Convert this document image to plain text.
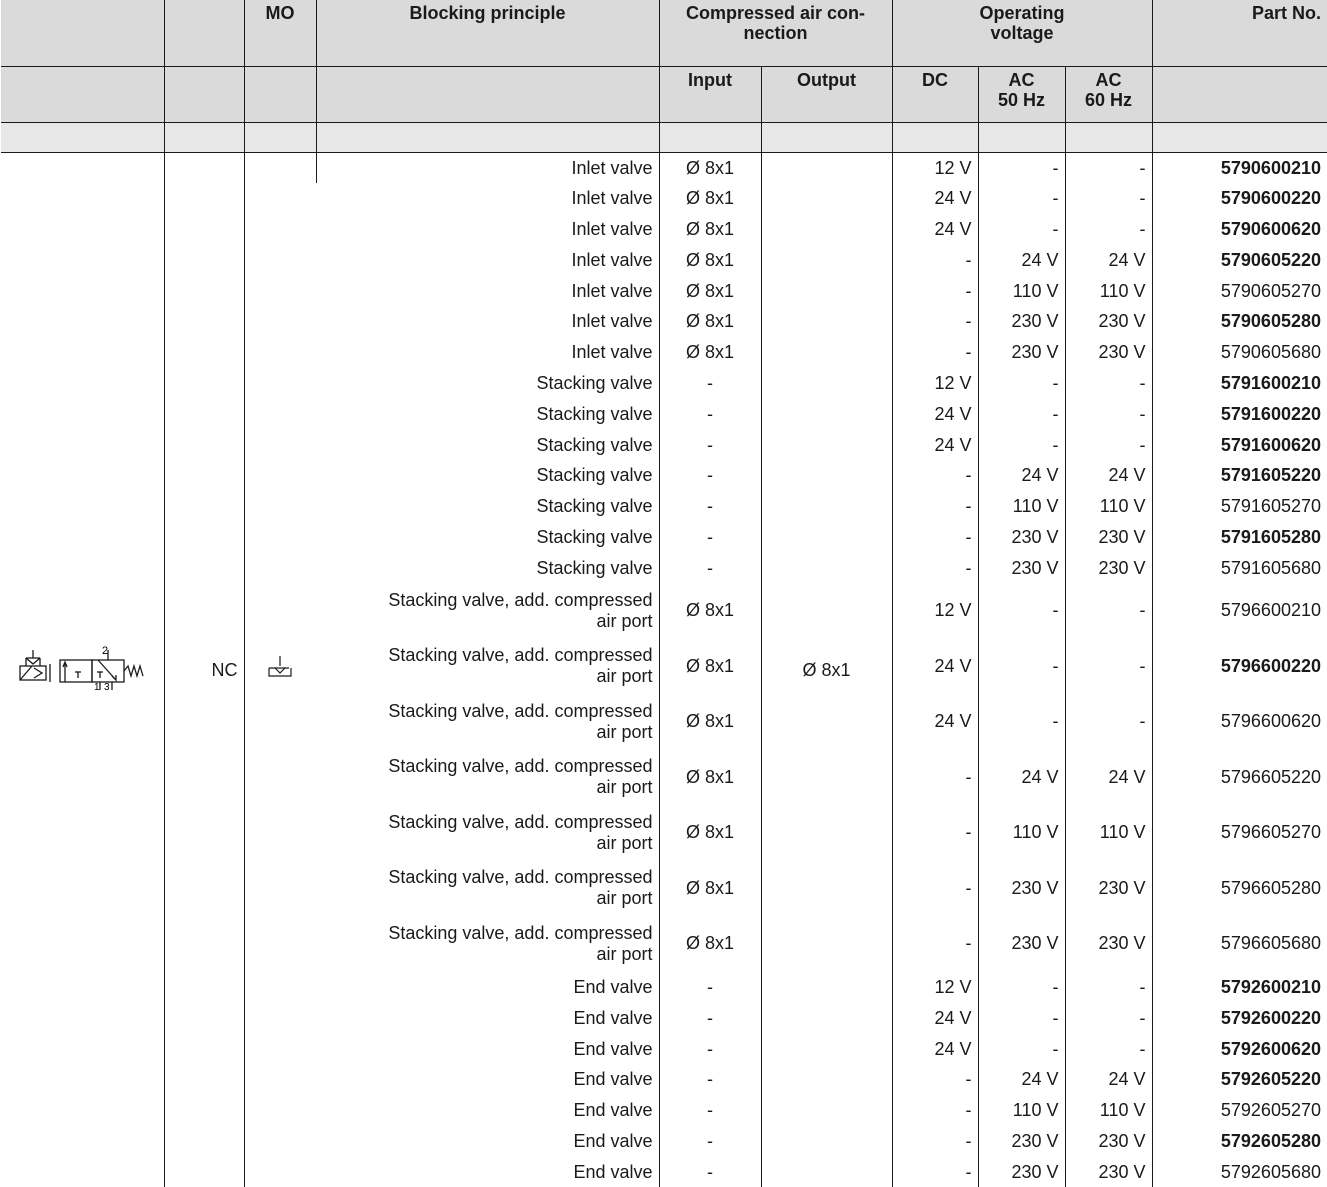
		MO	Blocking principle	Compressed air con-
nection		Operating voltage			Part No.
				Input	Output	DC	AC 50 Hz	AC 60 Hz	

2
1 3	NC		Inlet valve	Ø 8x1	Ø 8x1	12 V	-	-	5790600210
			Inlet valve	Ø 8x1		24 V	-	-	5790600220
			Inlet valve	Ø 8x1		24 V	-	-	5790600620
			Inlet valve	Ø 8x1		-	24 V	24 V	5790605220
			Inlet valve	Ø 8x1		-	110 V	110 V	5790605270
			Inlet valve	Ø 8x1		-	230 V	230 V	5790605280
			Inlet valve	Ø 8x1		-	230 V	230 V	5790605680
			Stacking valve	-		12 V	-	-	5791600210
			Stacking valve	-		24 V	-	-	5791600220
			Stacking valve	-		24 V	-	-	5791600620
			Stacking valve	-		-	24 V	24 V	5791605220
			Stacking valve	-		-	110 V	110 V	5791605270
			Stacking valve	-		-	230 V	230 V	5791605280
			Stacking valve	-		-	230 V	230 V	5791605680
			Stacking valve, add. compressed
air port	Ø 8x1		12 V	-	-	5796600210
			Stacking valve, add. compressed
air port	Ø 8x1		24 V	-	-	5796600220
			Stacking valve, add. compressed
air port	Ø 8x1		24 V	-	-	5796600620
			Stacking valve, add. compressed
air port	Ø 8x1		-	24 V	24 V	5796605220
			Stacking valve, add. compressed
air port	Ø 8x1		-	110 V	110 V	5796605270
			Stacking valve, add. compressed
air port	Ø 8x1		-	230 V	230 V	5796605280
			Stacking valve, add. compressed
air port	Ø 8x1		-	230 V	230 V	5796605680
			End valve	-		12 V	-	-	5792600210
			End valve	-		24 V	-	-	5792600220
			End valve	-		24 V	-	-	5792600620
			End valve	-		-	24 V	24 V	5792605220
			End valve	-		-	110 V	110 V	5792605270
			End valve	-		-	230 V	230 V	5792605280
			End valve	-		-	230 V	230 V	5792605680
